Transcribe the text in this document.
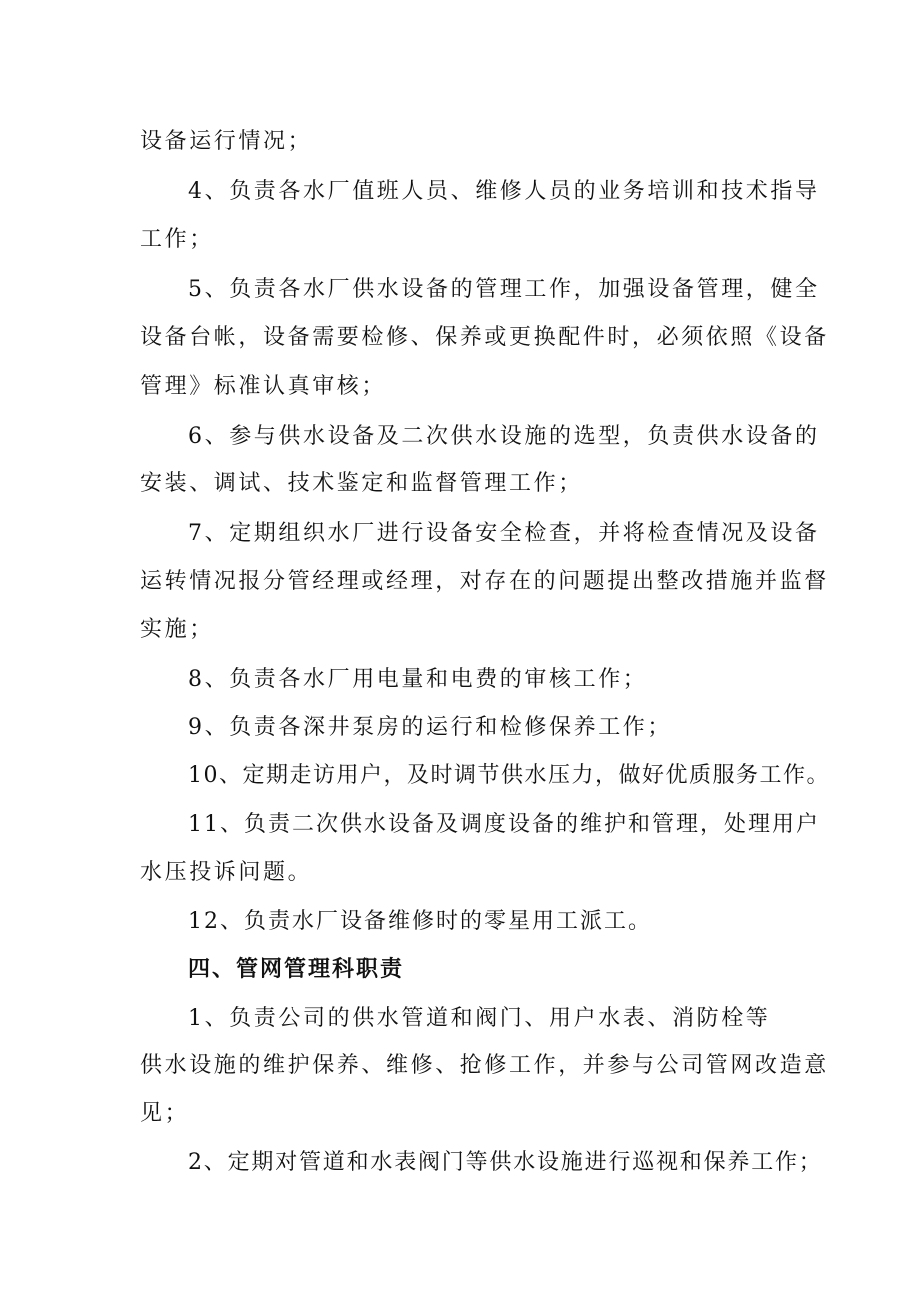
设备运行情况；
4、负责各水厂值班人员、维修人员的业务培训和技术指导
工作；
5、负责各水厂供水设备的管理工作，加强设备管理，健全
设备台帐，设备需要检修、保养或更换配件时，必须依照《设备
管理》标准认真审核；
6、参与供水设备及二次供水设施的选型，负责供水设备的
安装、调试、技术鉴定和监督管理工作；
7、定期组织水厂进行设备安全检查，并将检查情况及设备
运转情况报分管经理或经理，对存在的问题提出整改措施并监督
实施；
8、负责各水厂用电量和电费的审核工作；
9、负责各深井泵房的运行和检修保养工作；
10、定期走访用户，及时调节供水压力，做好优质服务工作。
11、负责二次供水设备及调度设备的维护和管理，处理用户
水压投诉问题。
12、负责水厂设备维修时的零星用工派工。
四、管网管理科职责
1、负责公司的供水管道和阀门、用户水表、消防栓等
供水设施的维护保养、维修、抢修工作，并参与公司管网改造意
见；
2、定期对管道和水表阀门等供水设施进行巡视和保养工作；
